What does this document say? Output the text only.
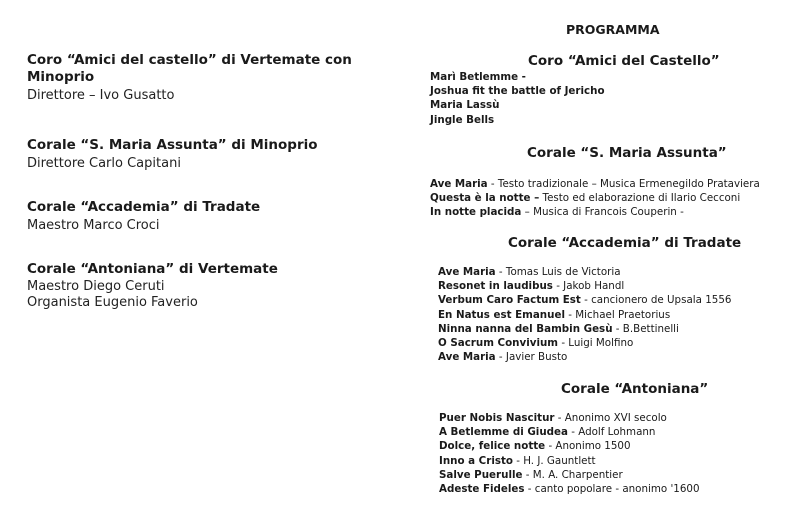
Coro “Amici del castello” di Vertemate con

Minoprio

Direttore – Ivo Gusatto

Corale “S. Maria Assunta” di Minoprio

Direttore Carlo Capitani

Corale “Accademia” di Tradate

Maestro Marco Croci

Corale “Antoniana” di Vertemate

Maestro Diego Ceruti

Organista Eugenio Faverio

PROGRAMMA
Coro “Amici del Castello”
Marì Betlemme -
Joshua fit the battle of Jericho
Maria Lassù
Jingle Bells
Corale “S. Maria Assunta”
Ave Maria - Testo tradizionale – Musica Ermenegildo Prataviera
Questa è la notte – Testo ed elaborazione di Ilario Cecconi
In notte placida – Musica di Francois Couperin -
Corale “Accademia” di Tradate
Ave Maria - Tomas Luis de Victoria
Resonet in laudibus - Jakob Handl
Verbum Caro Factum Est - cancionero de Upsala 1556
En Natus est Emanuel - Michael Praetorius
Ninna nanna del Bambin Gesù - B.Bettinelli
O Sacrum Convivium - Luigi Molfino
Ave Maria - Javier Busto
Corale “Antoniana”
Puer Nobis Nascitur - Anonimo XVI secolo
A Betlemme di Giudea - Adolf Lohmann
Dolce, felice notte - Anonimo 1500
Inno a Cristo - H. J. Gauntlett
Salve Puerulle - M. A. Charpentier
Adeste Fideles - canto popolare - anonimo '1600
